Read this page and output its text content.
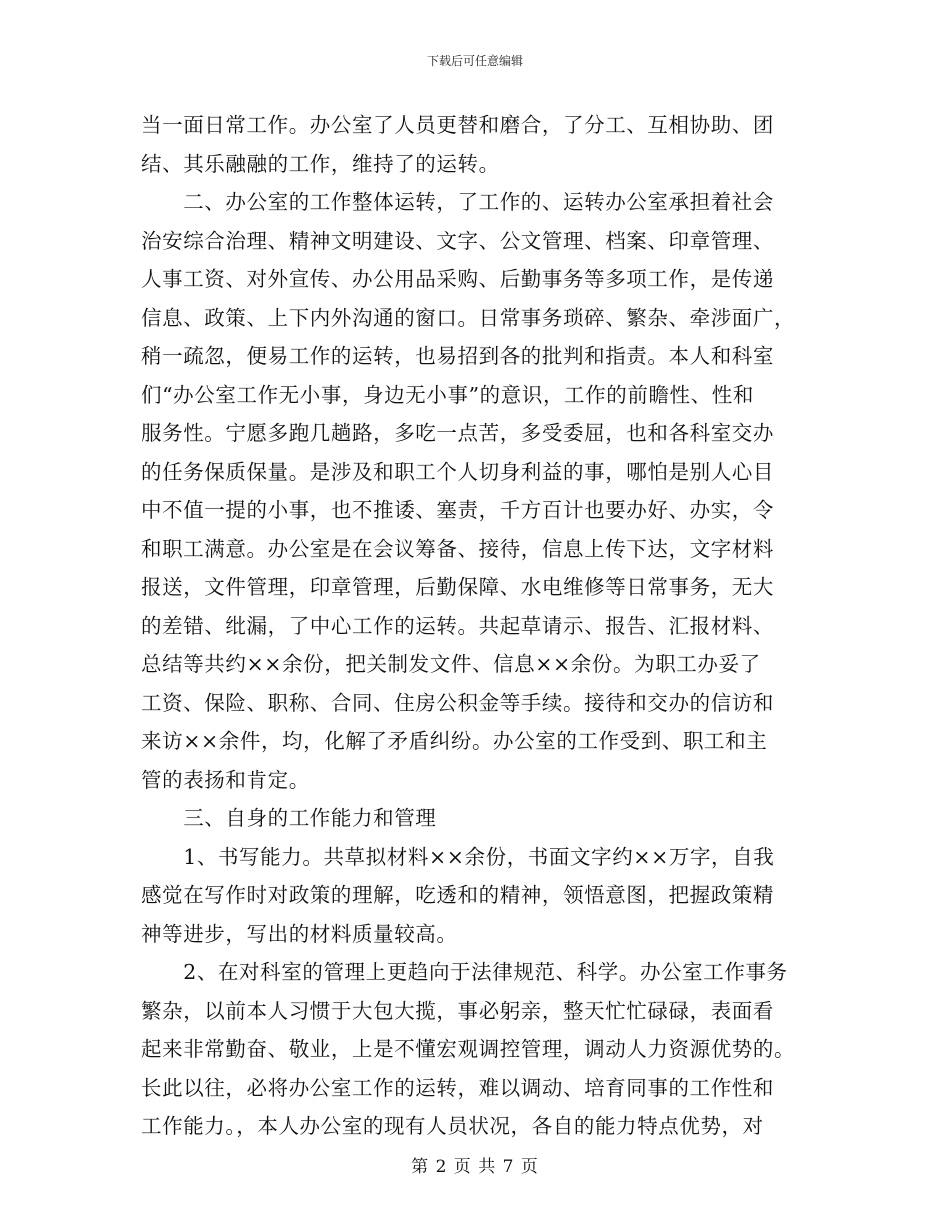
下载后可任意编辑
当一面日常工作。办公室了人员更替和磨合，了分工、互相协助、团
结、其乐融融的工作，维持了的运转。
　　二、办公室的工作整体运转，了工作的、运转办公室承担着社会
治安综合治理、精神文明建设、文字、公文管理、档案、印章管理、
人事工资、对外宣传、办公用品采购、后勤事务等多项工作，是传递
信息、政策、上下内外沟通的窗口。日常事务琐碎、繁杂、牵涉面广，
稍一疏忽，便易工作的运转，也易招到各的批判和指责。本人和科室
们“办公室工作无小事，身边无小事”的意识，工作的前瞻性、性和
服务性。宁愿多跑几趟路，多吃一点苦，多受委屈，也和各科室交办
的任务保质保量。是涉及和职工个人切身利益的事，哪怕是别人心目
中不值一提的小事，也不推诿、塞责，千方百计也要办好、办实，令
和职工满意。办公室是在会议筹备、接待，信息上传下达，文字材料
报送，文件管理，印章管理，后勤保障、水电维修等日常事务，无大
的差错、纰漏，了中心工作的运转。共起草请示、报告、汇报材料、
总结等共约××余份，把关制发文件、信息××余份。为职工办妥了
工资、保险、职称、合同、住房公积金等手续。接待和交办的信访和
来访××余件，均，化解了矛盾纠纷。办公室的工作受到、职工和主
管的表扬和肯定。
　　三、自身的工作能力和管理
　　1、书写能力。共草拟材料××余份，书面文字约××万字，自我
感觉在写作时对政策的理解，吃透和的精神，领悟意图，把握政策精
神等进步，写出的材料质量较高。
　　2、在对科室的管理上更趋向于法律规范、科学。办公室工作事务
繁杂，以前本人习惯于大包大揽，事必躬亲，整天忙忙碌碌，表面看
起来非常勤奋、敬业，上是不懂宏观调控管理，调动人力资源优势的。
长此以往，必将办公室工作的运转，难以调动、培育同事的工作性和
工作能力。，本人办公室的现有人员状况，各自的能力特点优势，对
第 2 页 共 7 页
